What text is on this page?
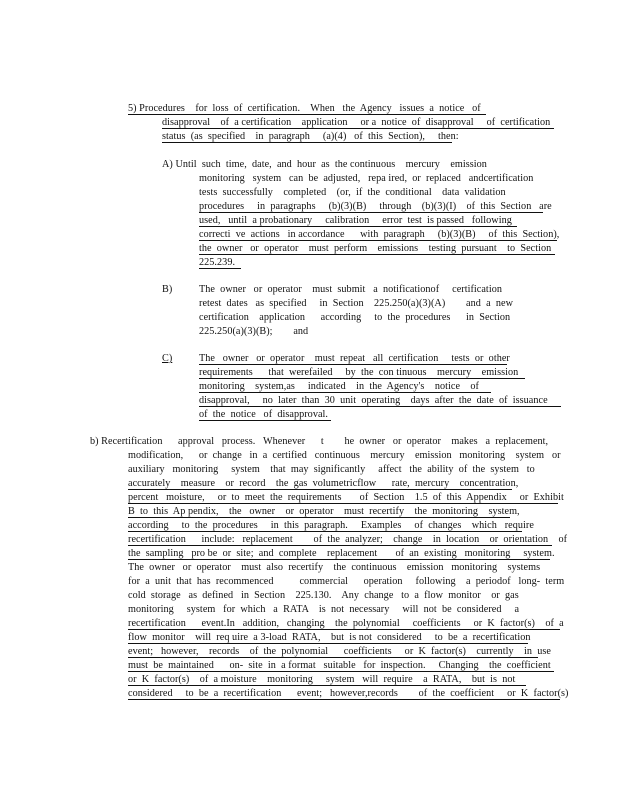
5) Procedures    for  loss  of  certification.    When   the  Agency   issues  a  notice   of
disapproval    of  a certification    application     or a  notice  of  disapproval     of  certification
status  (as  specified    in  paragraph     (a)(4)   of  this  Section),     then:
A) Until  such  time,  date,  and  hour  as  the continuous    mercury    emission
monitoring   system   can  be  adjusted,   repa ired,  or  replaced   andcertification
tests  successfully    completed    (or,  if  the  conditional    data  validation
procedures     in  paragraphs     (b)(3)(B)     through    (b)(3)(I)    of  this  Section   are
used,   until  a probationary     calibration     error  test  is passed   following
correcti  ve  actions   in accordance      with  paragraph     (b)(3)(B)     of  this  Section),
the  owner   or  operator    must  perform    emissions    testing  pursuant    to  Section
225.239.
B)	The  owner   or  operator    must  submit   a  notificationof     certification
retest  dates   as  specified     in  Section    225.250(a)(3)(A)        and  a  new
certification    application      according     to  the  procedures      in  Section
225.250(a)(3)(B);        and
C)	The   owner   or  operator    must  repeat   all  certification     tests  or  other
requirements      that  werefailed     by  the  con tinuous    mercury    emission
monitoring    system,as     indicated    in  the  Agency's    notice    of
disapproval,     no  later  than  30  unit  operating    days  after  the  date  of  issuance
of  the  notice   of  disapproval.
b) Recertification      approval   process.   Whenever      t        he  owner   or  operator    makes   a  replacement,
modification,      or  change   in  a  certified   continuous    mercury    emission   monitoring    system   or
auxiliary   monitoring     system    that  may  significantly     affect   the  ability  of  the  system   to
accurately    measure    or  record    the  gas  volumetricflow      rate,  mercury    concentration,
percent   moisture,     or  to  meet  the  requirements       of  Section    1.5  of  this  Appendix     or  Exhibit
B  to  this  Ap pendix,    the   owner    or  operator    must  recertify    the  monitoring    system,
according     to  the  procedures     in  this  paragraph.     Examples     of  changes    which   require
recertification      include:   replacement        of  the  analyzer;    change    in  location    or  orientation    of
the  sampling   pro be  or  site;  and  complete    replacement       of  an  existing   monitoring     system.
The  owner   or  operator    must  also  recertify    the  continuous    emission   monitoring    systems
for  a  unit  that  has  recommenced          commercial      operation     following    a  periodof   long-  term
cold  storage   as  defined   in  Section    225.130.    Any  change   to  a  flow  monitor    or  gas
monitoring     system   for  which   a  RATA    is  not  necessary     will  not  be  considered     a
recertification      event.In   addition,   changing    the  polynomial     coefficients     or  K  factor(s)    of  a
flow  monitor    will  req uire  a 3-load  RATA,    but  is not  considered     to  be  a  recertification
event;   however,    records    of  the  polynomial      coefficients     or  K  factor(s)    currently    in  use
must  be  maintained      on-  site  in  a format   suitable   for  inspection.     Changing    the  coefficient
or  K  factor(s)    of  a moisture    monitoring     system   will  require    a  RATA,    but  is  not
considered     to  be  a  recertification      event;   however,records        of  the  coefficient     or  K  factor(s)
